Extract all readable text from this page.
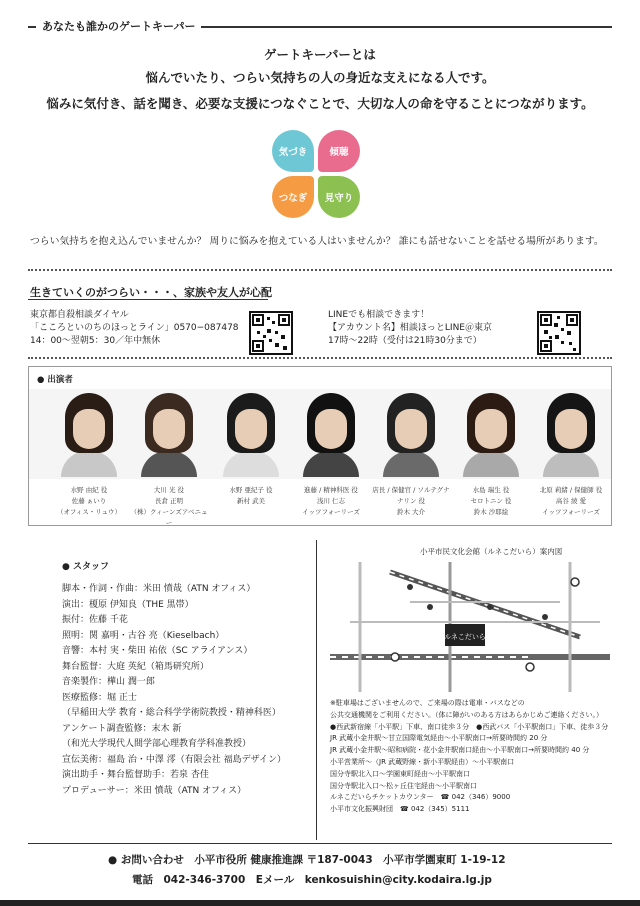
あなたも誰かのゲートキーパー
ゲートキーパーとは
悩んでいたり、つらい気持ちの人の身近な支えになる人です。
悩みに気付き、話を聞き、必要な支援につなぐことで、大切な人の命を守ることにつながります。
気づき	傾聴
つなぎ	見守り
つらい気持ちを抱え込んでいませんか？ 周りに悩みを抱えている人はいませんか？ 誰にも話せないことを話せる場所があります。
生きていくのがつらい・・・、家族や友人が心配
東京都自殺相談ダイヤル
「こころといのちのほっとライン」0570−087478
14：00〜翌朝5：30／年中無休
LINEでも相談できます！
【アカウント名】相談ほっとLINE＠東京
17時〜22時（受付は21時30分まで）
● 出演者
水野 由紀 役
佐藤 ぁいり
（オフィス・リュウ）
大川 光 役
長倉 正明
（株）クィーンズアベニュー
水野 亜紀子 役
新村 武美
進藤 / 精神科医 役
浅川 仁志
イッツフォーリーズ
店長 / 保健官 / ソルテグナナリン 役
鈴木 大介
水島 瑞生 役
セロトニン 役
鈴木 沙耶絵
北原 莉緒 / 保健師 役
高谷 綾 愛
イッツフォーリーズ
● スタッフ
脚本・作詞・作曲：米田 憤哉（ATN オフィス）
演出：榎原 伊知良（THE 黒帯）
振付：佐藤 千花
照明：関 嘉明・古谷 亮（Kieselbach）
音響：本村 実・柴田 祐依（SC アライアンス）
舞台監督：大庭 英紀（箱馬研究所）
音楽製作：樺山 潤一郎
医療監修：堀 正士
（早稲田大学 教育・総合科学学術院教授・精神科医）
アンケート調査監修：末木 新
（和光大学現代人間学部心理教育学科准教授）
宣伝美術：福島 治・中澤 澪（有限会社 福島デザイン）
演出助手・舞台監督助手：若泉 杏佳
プロデューサー：米田 憤哉（ATN オフィス）
小平市民文化会館（ルネこだいら）案内図
ルネこだいら
※駐車場はございませんので、ご来場の際は電車・バスなどの
公共交通機関をご利用ください。（体に障がいのある方はあらかじめご連絡ください。）
●西武新宿線「小平駅」下車、南口徒歩３分　●西武バス「小平駅南口」下車、徒歩３分
JR 武蔵小金井駅〜甘立国際電気経由〜小平駅南口→所要時間約 20 分
JR 武蔵小金井駅〜昭和病院・花小金井駅南口経由〜小平駅南口→所要時間約 40 分
小平営業所〜（JR 武蔵野線・新小平駅経由）〜小平駅南口
国分寺駅北入口〜学園東町経由〜小平駅南口
国分寺駅北入口〜松ヶ丘住宅経由〜小平駅南口
ルネこだいらチケットカウンター　☎ 042（346）9000
小平市文化振興財団　☎ 042（345）5111
● お問い合わせ　小平市役所 健康推進課 〒187-0043　小平市学園東町 1-19-12
電話　042-346-3700　Eメール　kenkosuishin@city.kodaira.lg.jp
